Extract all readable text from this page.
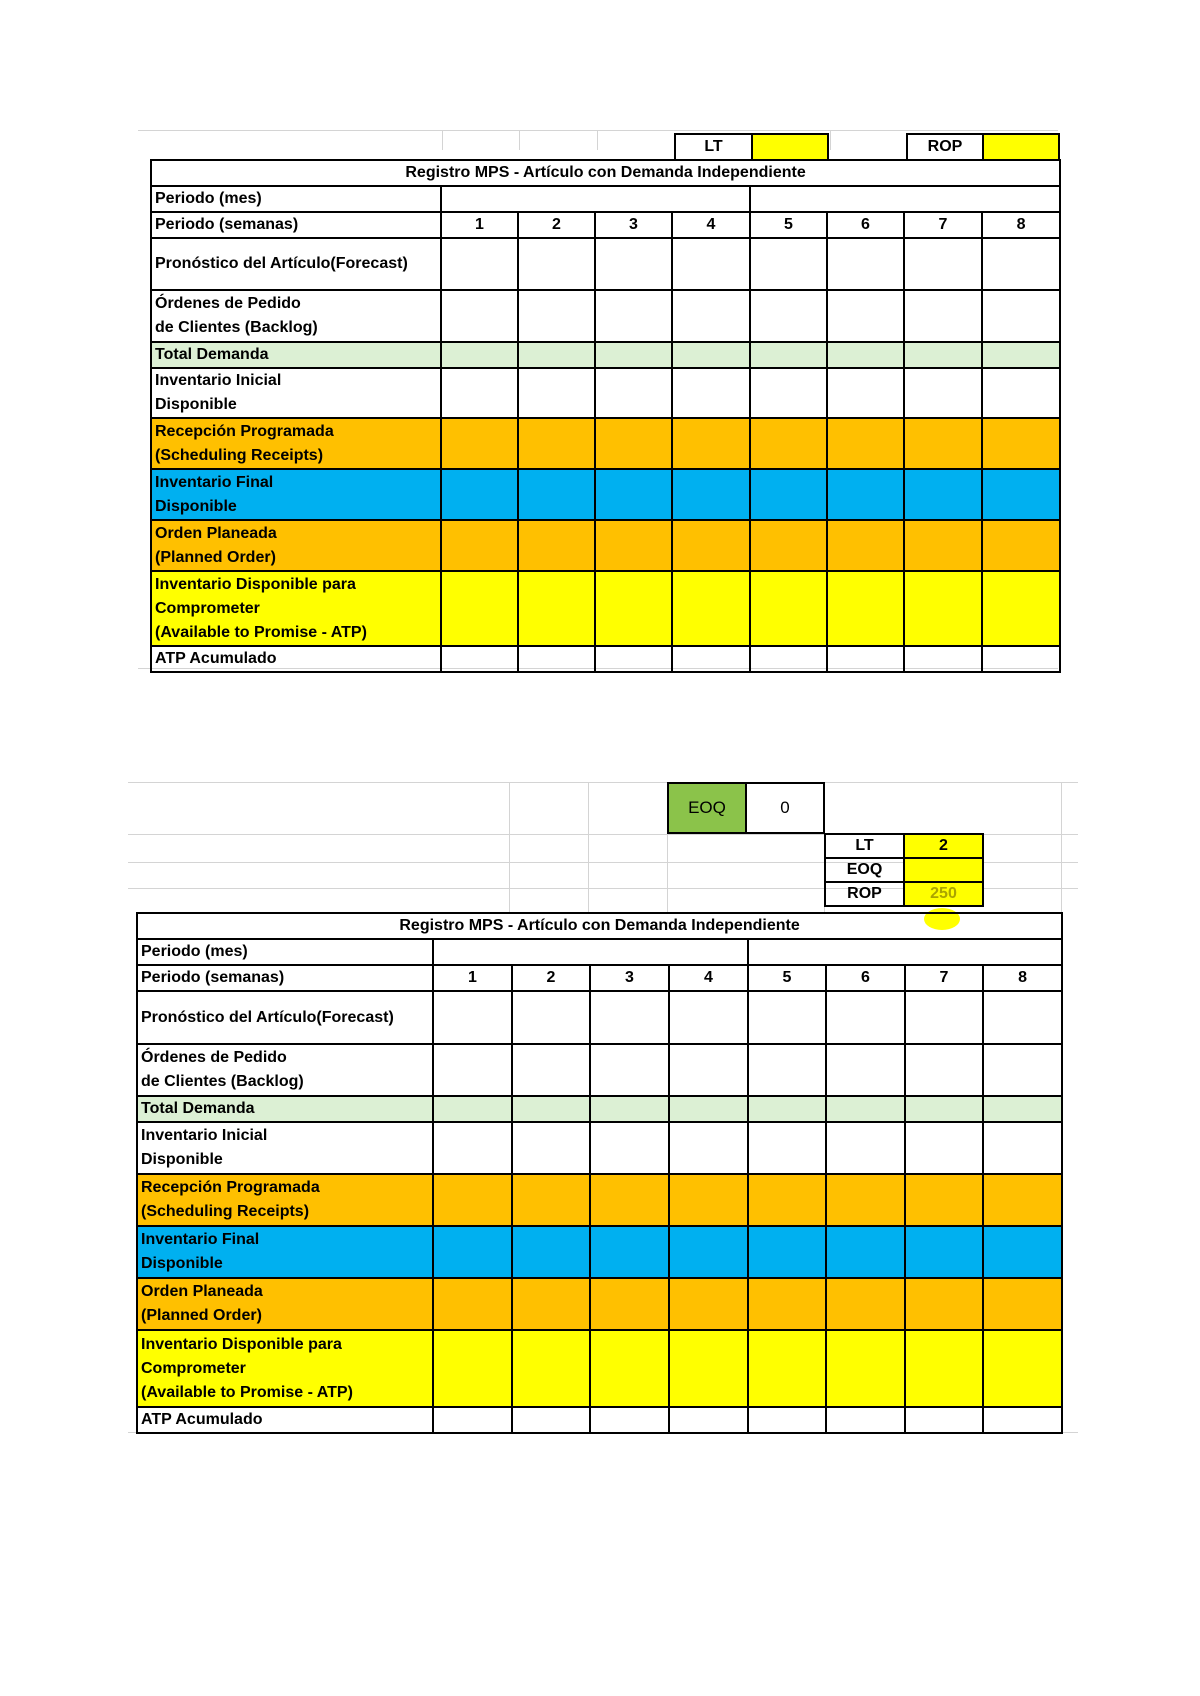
LT	ROP
Registro MPS - Artículo con Demanda Independiente								
Periodo (mes)								
Periodo (semanas)	1	2	3	4	5	6	7	8
Pronóstico del Artículo(Forecast)								

Órdenes de Pedido
de Clientes (Backlog)								

Total Demanda								

Inventario Inicial
Disponible								

Recepción Programada
(Scheduling Receipts)								

Inventario Final
Disponible								

Orden Planeada
(Planned Order)								

Inventario Disponible para
Comprometer
(Available to Promise - ATP)								

ATP Acumulado								
EOQ	0
LT	2
EOQ	0
ROP	250
Registro MPS - Artículo con Demanda Independiente								
Periodo (mes)								
Periodo (semanas)	1	2	3	4	5	6	7	8
Pronóstico del Artículo(Forecast)								

Órdenes de Pedido
de Clientes (Backlog)								

Total Demanda								

Inventario Inicial
Disponible								

Recepción Programada
(Scheduling Receipts)								

Inventario Final
Disponible								

Orden Planeada
(Planned Order)								

Inventario Disponible para
Comprometer
(Available to Promise - ATP)								

ATP Acumulado								
